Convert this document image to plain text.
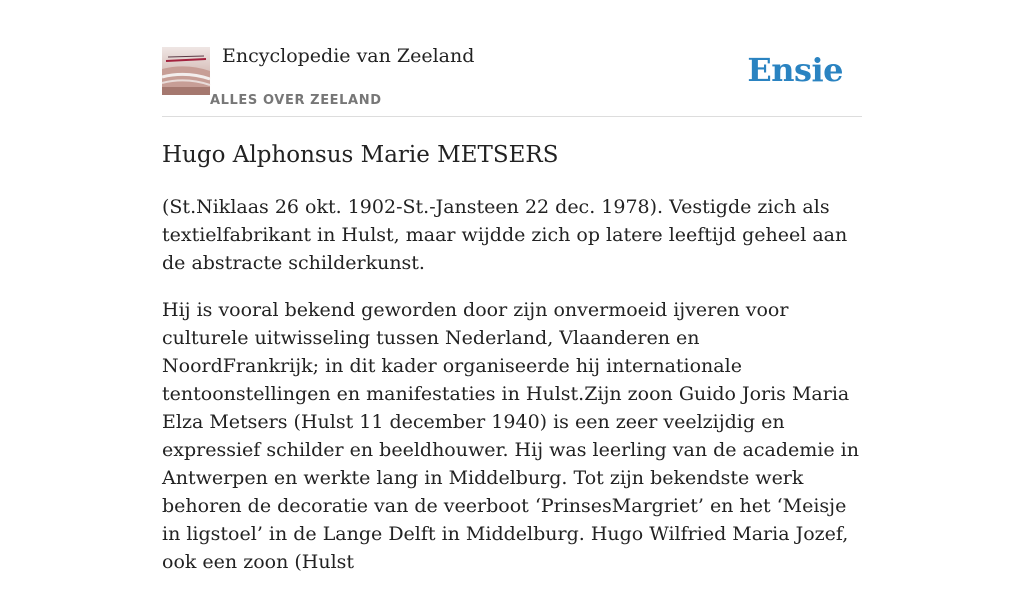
Encyclopedie van Zeeland
ALLES OVER ZEELAND
Ensie
Hugo Alphonsus Marie METSERS

(St.Niklaas 26 okt. 1902-St.-Jansteen 22 dec. 1978). Vestigde zich als textielfabrikant in Hulst, maar wijdde zich op latere leeftijd geheel aan de abstracte schilderkunst.

Hij is vooral bekend geworden door zijn onvermoeid ijveren voor culturele uitwisseling tussen Nederland, Vlaanderen en NoordFrankrijk; in dit kader organiseerde hij internationale tentoonstellingen en manifestaties in Hulst.Zijn zoon Guido Joris Maria Elza Metsers (Hulst 11 december 1940) is een zeer veelzijdig en expressief schilder en beeldhouwer. Hij was leerling van de academie in Antwerpen en werkte lang in Middelburg. Tot zijn bekendste werk behoren de decoratie van de veerboot ‘PrinsesMargriet’ en het ‘Meisje in ligstoel’ in de Lange Delft in Middelburg. Hugo Wilfried Maria Jozef, ook een zoon (Hulst
